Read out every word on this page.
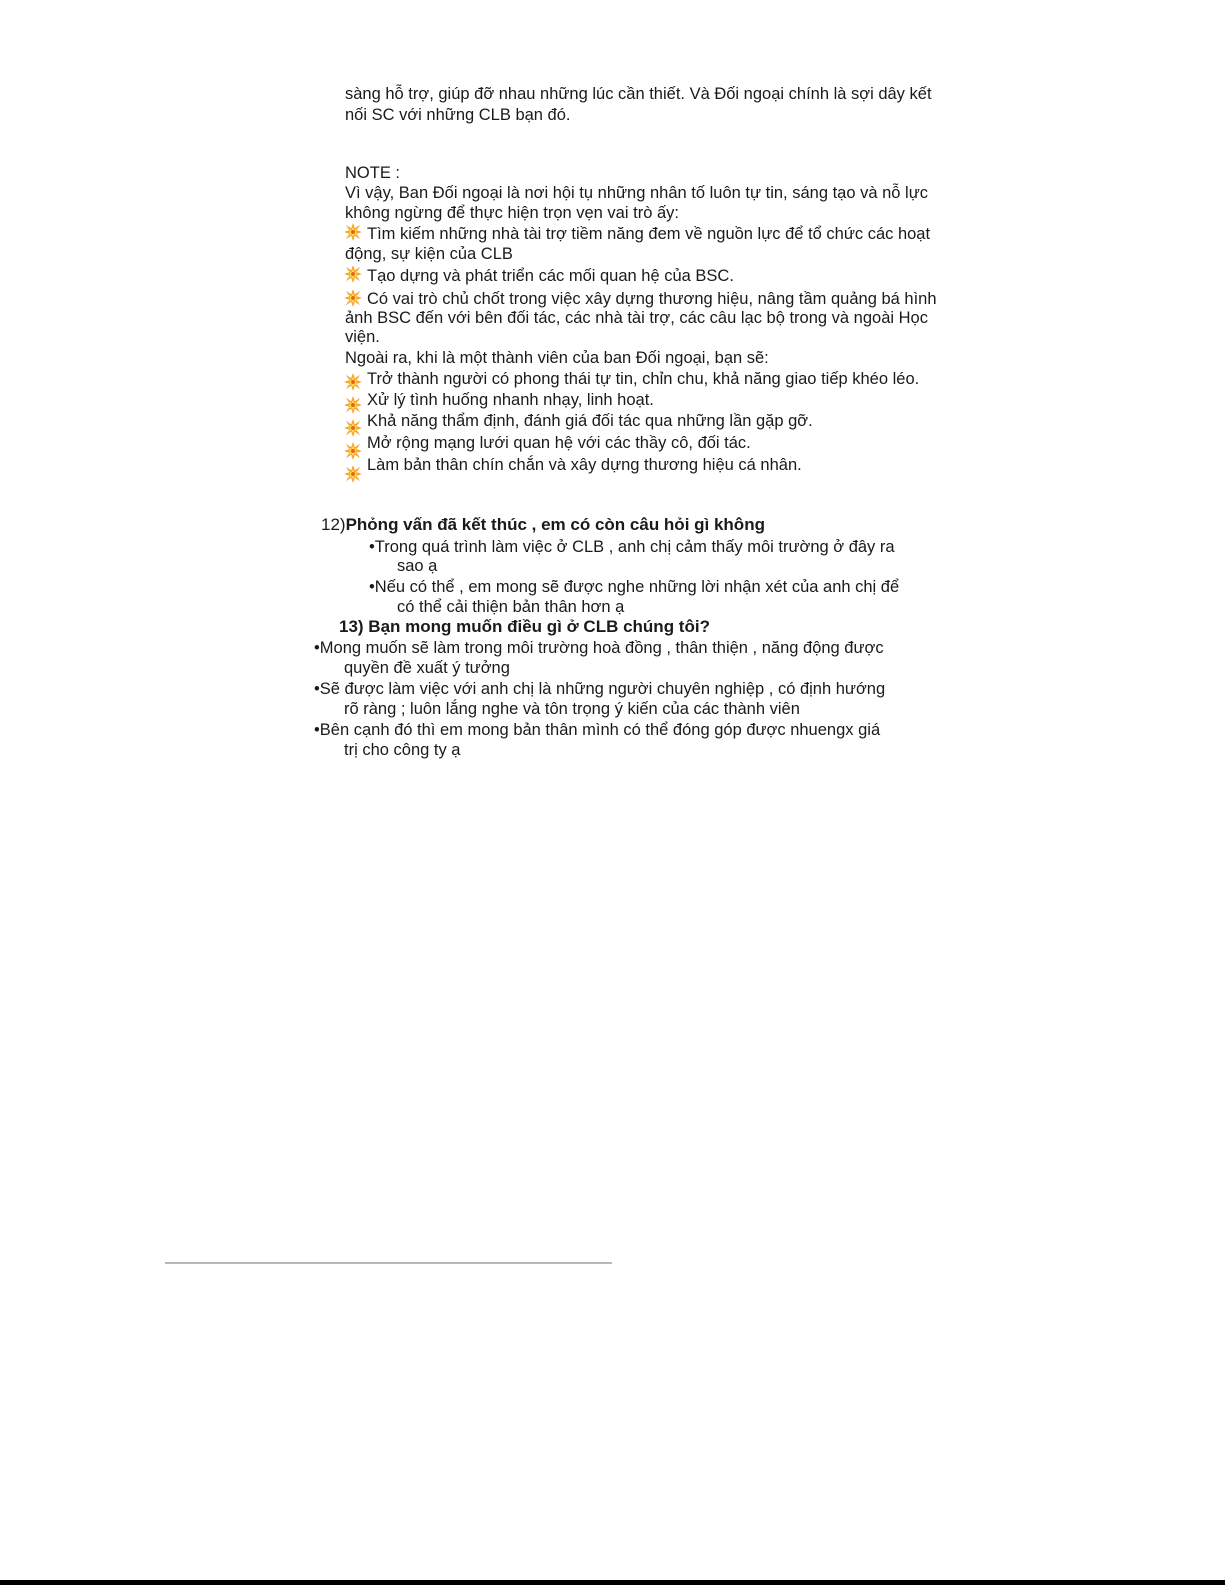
sàng hỗ trợ, giúp đỡ nhau những lúc cần thiết. Và Đối ngoại chính là sợi dây kết
nối SC với những CLB bạn đó.
NOTE :
Vì vậy, Ban Đối ngoại là nơi hội tụ những nhân tố luôn tự tin, sáng tạo và nỗ lực
không ngừng để thực hiện trọn vẹn vai trò ấy:
Tìm kiếm những nhà tài trợ tiềm năng đem về nguồn lực để tổ chức các hoạt
động, sự kiện của CLB
Tạo dựng và phát triển các mối quan hệ của BSC.
Có vai trò chủ chốt trong việc xây dựng thương hiệu, nâng tầm quảng bá hình
ảnh BSC đến với bên đối tác, các nhà tài trợ, các câu lạc bộ trong và ngoài Học
viện.
Ngoài ra, khi là một thành viên của ban Đối ngoại, bạn sẽ:
Trở thành người có phong thái tự tin, chỉn chu, khả năng giao tiếp khéo léo.
Xử lý tình huống nhanh nhạy, linh hoạt.
Khả năng thẩm định, đánh giá đối tác qua những lần gặp gỡ.
Mở rộng mạng lưới quan hệ với các thầy cô, đối tác.
Làm bản thân chín chắn và xây dựng thương hiệu cá nhân.
12)Phỏng vấn đã kết thúc , em có còn câu hỏi gì không
•Trong quá trình làm việc ở CLB , anh chị cảm thấy môi trường ở đây ra
sao ạ
•Nếu có thể , em mong sẽ được nghe những lời nhận xét của anh chị để
có thể cải thiện bản thân hơn ạ
13) Bạn mong muốn điều gì ở CLB chúng tôi?
•Mong muốn sẽ làm trong môi trường hoà đồng , thân thiện , năng động được
quyền đề xuất ý tưởng
•Sẽ được làm việc với anh chị là những người chuyên nghiệp , có định hướng
rõ ràng ; luôn lắng nghe và tôn trọng ý kiến của các thành viên
•Bên cạnh đó thì em mong bản thân mình có thể đóng góp được nhuengx giá
trị cho công ty ạ
